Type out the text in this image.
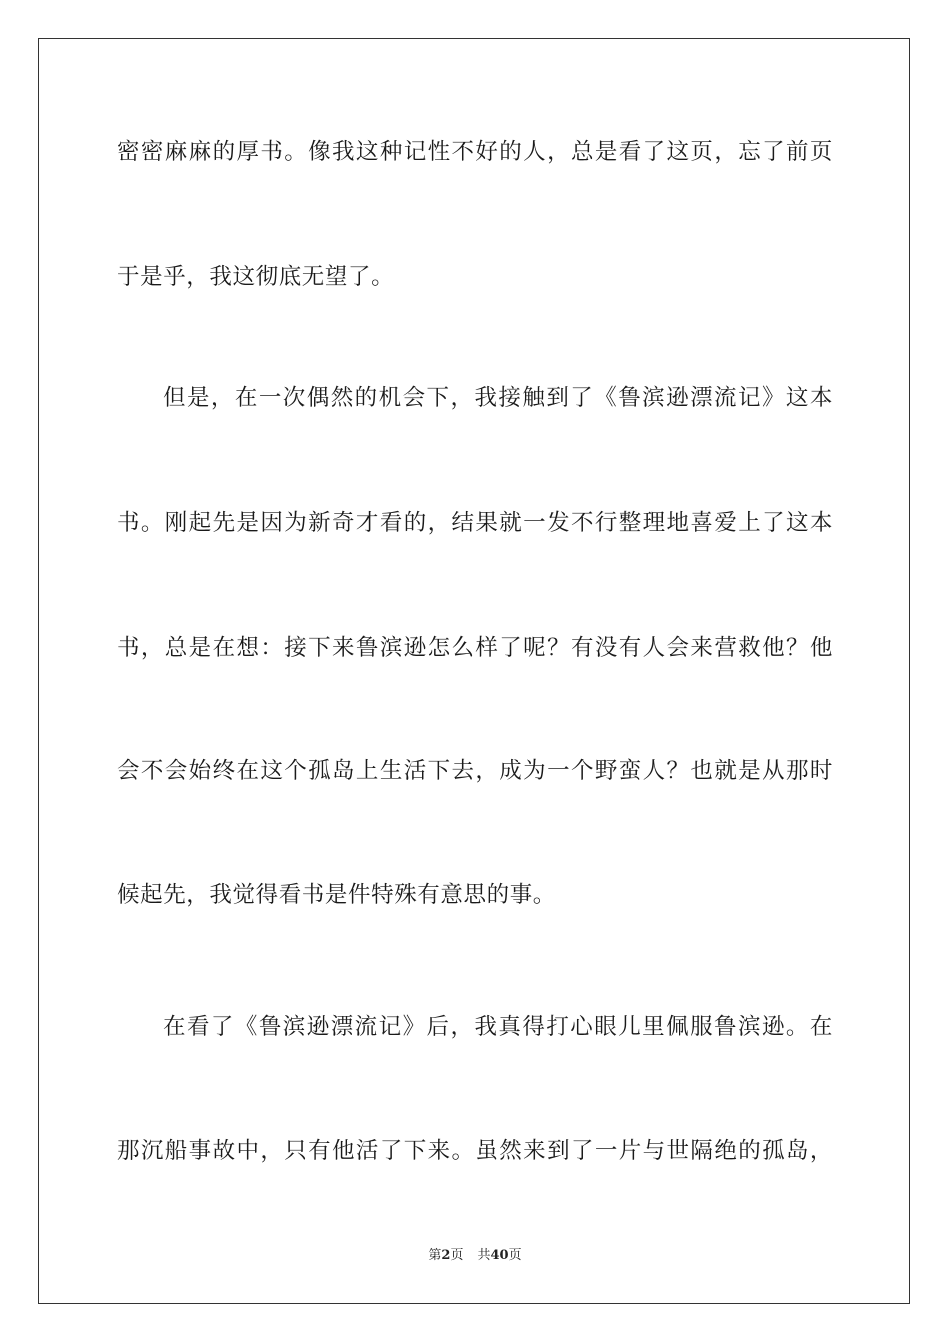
密密麻麻的厚书。像我这种记性不好的人，总是看了这页，忘了前页
于是乎，我这彻底无望了。
但是，在一次偶然的机会下，我接触到了《鲁滨逊漂流记》这本
书。刚起先是因为新奇才看的，结果就一发不行整理地喜爱上了这本
书，总是在想：接下来鲁滨逊怎么样了呢？有没有人会来营救他？他
会不会始终在这个孤岛上生活下去，成为一个野蛮人？也就是从那时
候起先，我觉得看书是件特殊有意思的事。
在看了《鲁滨逊漂流记》后，我真得打心眼儿里佩服鲁滨逊。在
那沉船事故中，只有他活了下来。虽然来到了一片与世隔绝的孤岛，
第2页 共40页
